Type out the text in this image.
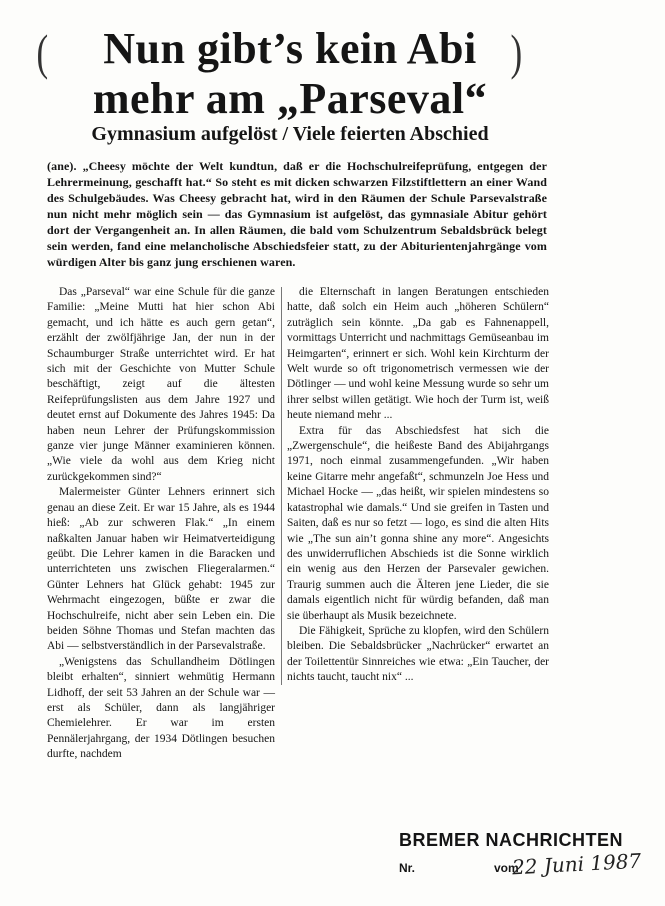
(	)
Nun gibt’s kein Abi
mehr am „Parseval“
Gymnasium aufgelöst / Viele feierten Abschied
(ane). „Cheesy möchte der Welt kundtun, daß er die Hochschulreifeprüfung, entgegen der Lehrermeinung, geschafft hat.“ So steht es mit dicken schwarzen Filzstiftlettern an einer Wand des Schulgebäudes. Was Cheesy gebracht hat, wird in den Räumen der Schule Parsevalstraße nun nicht mehr möglich sein — das Gymnasium ist aufgelöst, das gymnasiale Abitur gehört dort der Vergangenheit an. In allen Räumen, die bald vom Schulzentrum Sebaldsbrück belegt sein werden, fand eine melancholische Abschiedsfeier statt, zu der Abiturientenjahrgänge vom würdigen Alter bis ganz jung erschienen waren.

Das „Parseval“ war eine Schule für die ganze Familie: „Meine Mutti hat hier schon Abi gemacht, und ich hätte es auch gern getan“, erzählt der zwölfjährige Jan, der nun in der Schaumburger Straße unterrichtet wird. Er hat sich mit der Geschichte von Mutter Schule beschäftigt, zeigt auf die ältesten Reifeprüfungslisten aus dem Jahre 1927 und deutet ernst auf Dokumente des Jahres 1945: Da haben neun Lehrer der Prüfungskommission ganze vier junge Männer examinieren können. „Wie viele da wohl aus dem Krieg nicht zurückgekommen sind?“

Malermeister Günter Lehners erinnert sich genau an diese Zeit. Er war 15 Jahre, als es 1944 hieß: „Ab zur schweren Flak.“ „In einem naßkalten Januar haben wir Heimatverteidigung geübt. Die Lehrer kamen in die Baracken und unterrichteten uns zwischen Fliegeralarmen.“ Günter Lehners hat Glück gehabt: 1945 zur Wehrmacht eingezogen, büßte er zwar die Hochschulreife, nicht aber sein Leben ein. Die beiden Söhne Thomas und Stefan machten das Abi — selbstverständlich in der Parsevalstraße.

„Wenigstens das Schullandheim Dötlingen bleibt erhalten“, sinniert wehmütig Hermann Lidhoff, der seit 53 Jahren an der Schule war — erst als Schüler, dann als langjähriger Chemielehrer. Er war im ersten Pennälerjahrgang, der 1934 Dötlingen besuchen durfte, nachdem

die Elternschaft in langen Beratungen entschieden hatte, daß solch ein Heim auch „höheren Schülern“ zuträglich sein könnte. „Da gab es Fahnenappell, vormittags Unterricht und nachmittags Gemüseanbau im Heimgarten“, erinnert er sich. Wohl kein Kirchturm der Welt wurde so oft trigonometrisch vermessen wie der Dötlinger — und wohl keine Messung wurde so sehr um ihrer selbst willen getätigt. Wie hoch der Turm ist, weiß heute niemand mehr ...

Extra für das Abschiedsfest hat sich die „Zwergenschule“, die heißeste Band des Abijahrgangs 1971, noch einmal zusammengefunden. „Wir haben keine Gitarre mehr angefaßt“, schmunzeln Joe Hess und Michael Hocke — „das heißt, wir spielen mindestens so katastrophal wie damals.“ Und sie greifen in Tasten und Saiten, daß es nur so fetzt — logo, es sind die alten Hits wie „The sun ain’t gonna shine any more“. Angesichts des unwiderruflichen Abschieds ist die Sonne wirklich ein wenig aus den Herzen der Parsevaler gewichen. Traurig summen auch die Älteren jene Lieder, die sie damals eigentlich nicht für würdig befanden, daß man sie überhaupt als Musik bezeichnete.

Die Fähigkeit, Sprüche zu klopfen, wird den Schülern bleiben. Die Sebaldsbrücker „Nachrücker“ erwartet an der Toilettentür Sinnreiches wie etwa: „Ein Taucher, der nichts taucht, taucht nix“ ...

BREMER NACHRICHTEN
Nr.	vom
22 Juni 1987
